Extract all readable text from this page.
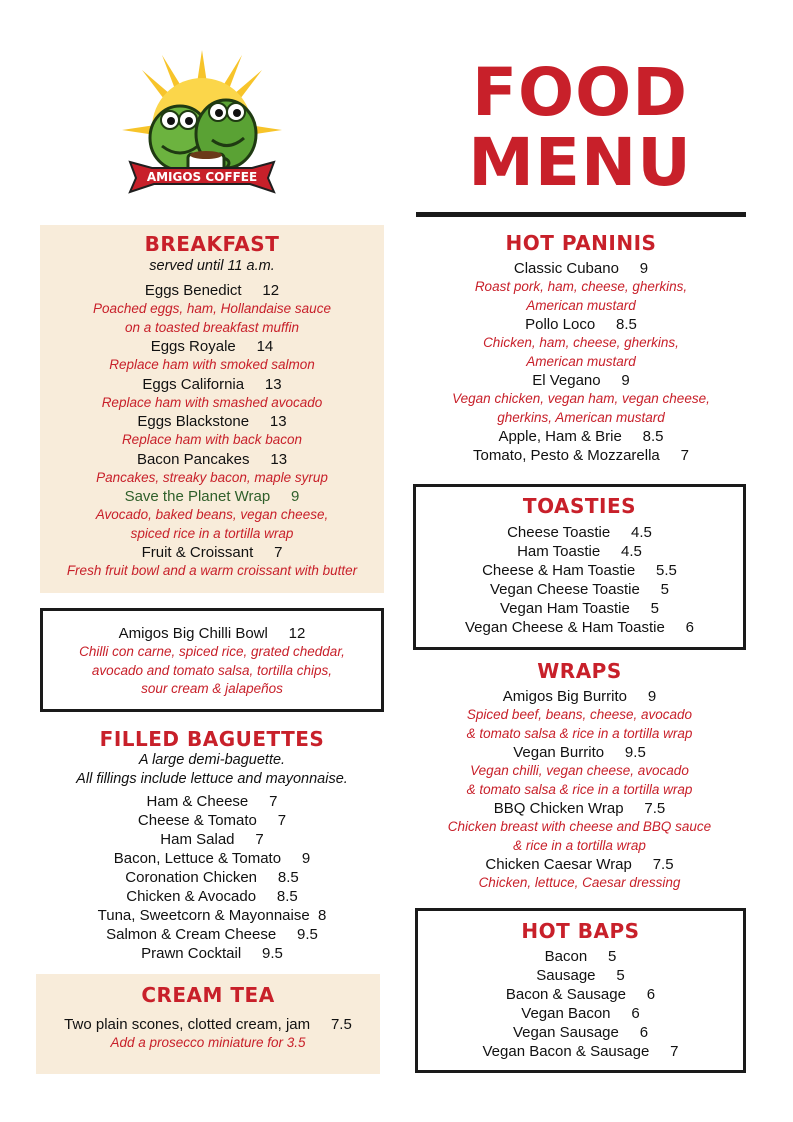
AMIGOS COFFEE
FOOD
MENU
BREAKFAST
served until 11 a.m.
Eggs Benedict     12
Poached eggs, ham, Hollandaise sauce
on a toasted breakfast muffin
Eggs Royale     14
Replace ham with smoked salmon
Eggs California     13
Replace ham with smashed avocado
Eggs Blackstone     13
Replace ham with back bacon
Bacon Pancakes     13
Pancakes, streaky bacon, maple syrup
Save the Planet Wrap     9
Avocado, baked beans, vegan cheese,
spiced rice in a tortilla wrap
Fruit & Croissant     7
Fresh fruit bowl and a warm croissant with butter
Amigos Big Chilli Bowl     12
Chilli con carne, spiced rice, grated cheddar,
avocado and tomato salsa, tortilla chips,
sour cream & jalapeños
FILLED BAGUETTES
A large demi-baguette.
All fillings include lettuce and mayonnaise.
Ham & Cheese     7
Cheese & Tomato     7
Ham Salad     7
Bacon, Lettuce & Tomato     9
Coronation Chicken     8.5
Chicken & Avocado     8.5
Tuna, Sweetcorn & Mayonnaise  8
Salmon & Cream Cheese     9.5
Prawn Cocktail     9.5
CREAM TEA
Two plain scones, clotted cream, jam     7.5
Add a prosecco miniature for 3.5
HOT PANINIS
Classic Cubano     9
Roast pork, ham, cheese, gherkins,
American mustard
Pollo Loco     8.5
Chicken, ham, cheese, gherkins,
American mustard
El Vegano     9
Vegan chicken, vegan ham, vegan cheese,
gherkins, American mustard
Apple, Ham & Brie     8.5
Tomato, Pesto & Mozzarella     7
TOASTIES
Cheese Toastie     4.5
Ham Toastie     4.5
Cheese & Ham Toastie     5.5
Vegan Cheese Toastie     5
Vegan Ham Toastie     5
Vegan Cheese & Ham Toastie     6
WRAPS
Amigos Big Burrito     9
Spiced beef, beans, cheese, avocado
& tomato salsa & rice in a tortilla wrap
Vegan Burrito     9.5
Vegan chilli, vegan cheese, avocado
& tomato salsa & rice in a tortilla wrap
BBQ Chicken Wrap     7.5
Chicken breast with cheese and BBQ sauce
& rice in a tortilla wrap
Chicken Caesar Wrap     7.5
Chicken, lettuce, Caesar dressing
HOT BAPS
Bacon     5
Sausage     5
Bacon & Sausage     6
Vegan Bacon     6
Vegan Sausage     6
Vegan Bacon & Sausage     7
